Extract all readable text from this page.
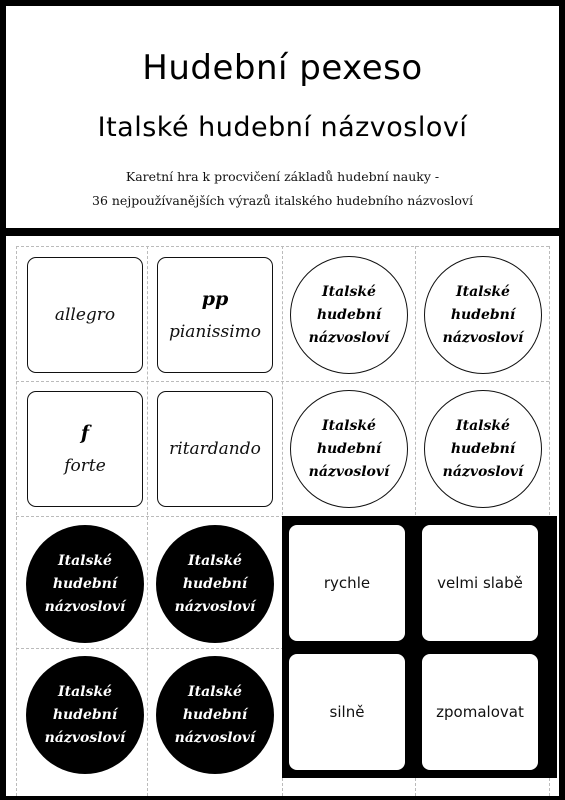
Hudební pexeso
Italské hudební názvosloví
Karetní hra k procvičení základů hudební nauky -
36 nejpoužívanějších výrazů italského hudebního názvosloví
allegro
pp
pianissimo
Italské
hudební
názvosloví
Italské
hudební
názvosloví
f
forte
ritardando
Italské
hudební
názvosloví
Italské
hudební
názvosloví
Italské
hudební
názvosloví
Italské
hudební
názvosloví
Italské
hudební
názvosloví
Italské
hudební
názvosloví
rychle	velmi slabě
silně	zpomalovat
